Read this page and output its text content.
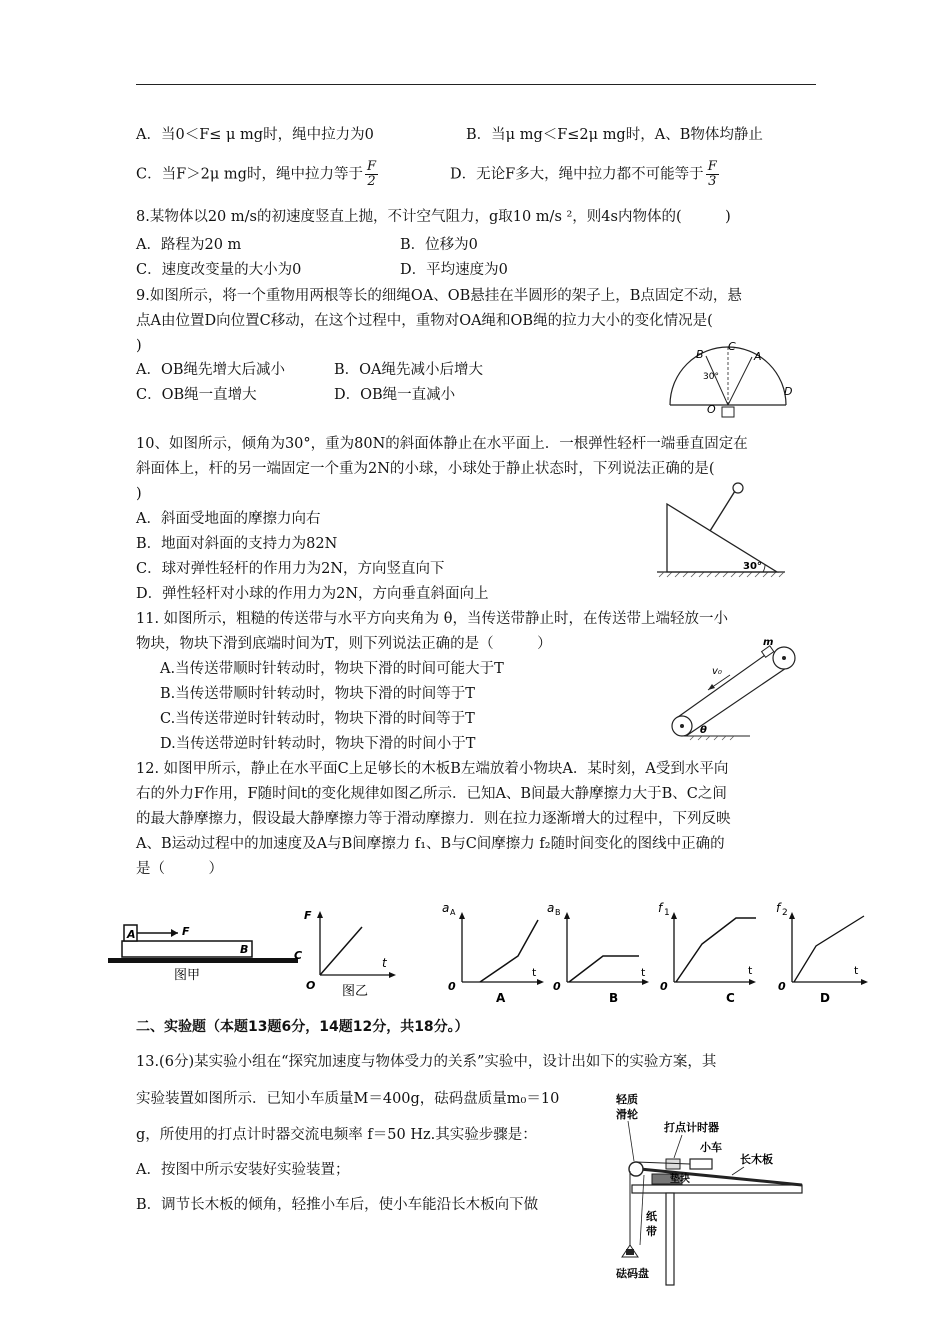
A．当0＜F≤ μ mg时，绳中拉力为0	B．当μ mg＜F≤2μ mg时，A、B物体均静止
C．当F＞2μ mg时，绳中拉力等于 $\frac{F}{2}$	D．无论F多大，绳中拉力都不可能等于 $\frac{F}{3}$
8.某物体以20 m/s的初速度竖直上抛，不计空气阻力，g取10 m/s ²，则4s内物体的(　　　)
A．路程为20 m	B．位移为0
C．速度改变量的大小为0	D．平均速度为0
9.如图所示，将一个重物用两根等长的细绳OA、OB悬挂在半圆形的架子上，B点固定不动，悬
点A由位置D向位置C移动，在这个过程中，重物对OA绳和OB绳的拉力大小的变化情况是(
)
A．OB绳先增大后减小	B．OA绳先减小后增大
C．OB绳一直增大	D．OB绳一直减小
B
C
A
D
O
30°
10、如图所示，倾角为30°，重为80N的斜面体静止在水平面上．一根弹性轻杆一端垂直固定在
斜面体上，杆的另一端固定一个重为2N的小球，小球处于静止状态时，下列说法正确的是(
)
A．斜面受地面的摩擦力向右
B．地面对斜面的支持力为82N
C．球对弹性轻杆的作用力为2N，方向竖直向下
D．弹性轻杆对小球的作用力为2N，方向垂直斜面向上
30°
11. 如图所示，粗糙的传送带与水平方向夹角为 θ，当传送带静止时，在传送带上端轻放一小
物块，物块下滑到底端时间为T，则下列说法正确的是（　　　）
A.当传送带顺时针转动时，物块下滑的时间可能大于T
B.当传送带顺时针转动时，物块下滑的时间等于T
C.当传送带逆时针转动时，物块下滑的时间等于T
D.当传送带逆时针转动时，物块下滑的时间小于T
m
v₀
θ
12. 如图甲所示，静止在水平面C上足够长的木板B左端放着小物块A．某时刻，A受到水平向
右的外力F作用，F随时间t的变化规律如图乙所示．已知A、B间最大静摩擦力大于B、C之间
的最大静摩擦力，假设最大静摩擦力等于滑动摩擦力．则在拉力逐渐增大的过程中，下列反映
A、B运动过程中的加速度及A与B间摩擦力 f₁、B与C间摩擦力 f₂随时间变化的图线中正确的
是（　　　）
A	F
B	C
图甲
F
t
O 图乙
a A
t
0
A
a B
t
0
B
f 1
t
0
C
f 2
t
0
D
二、实验题（本题13题6分，14题12分，共18分。）
13.(6分)某实验小组在“探究加速度与物体受力的关系”实验中，设计出如下的实验方案，其
实验装置如图所示．已知小车质量M＝400g，砝码盘质量m₀＝10
g，所使用的打点计时器交流电频率 f＝50 Hz.其实验步骤是：
A．按图中所示安装好实验装置；
B．调节长木板的倾角，轻推小车后，使小车能沿长木板向下做
轻质
滑轮
打点计时器
小车
长木板
垫块
纸
带
砝码盘
